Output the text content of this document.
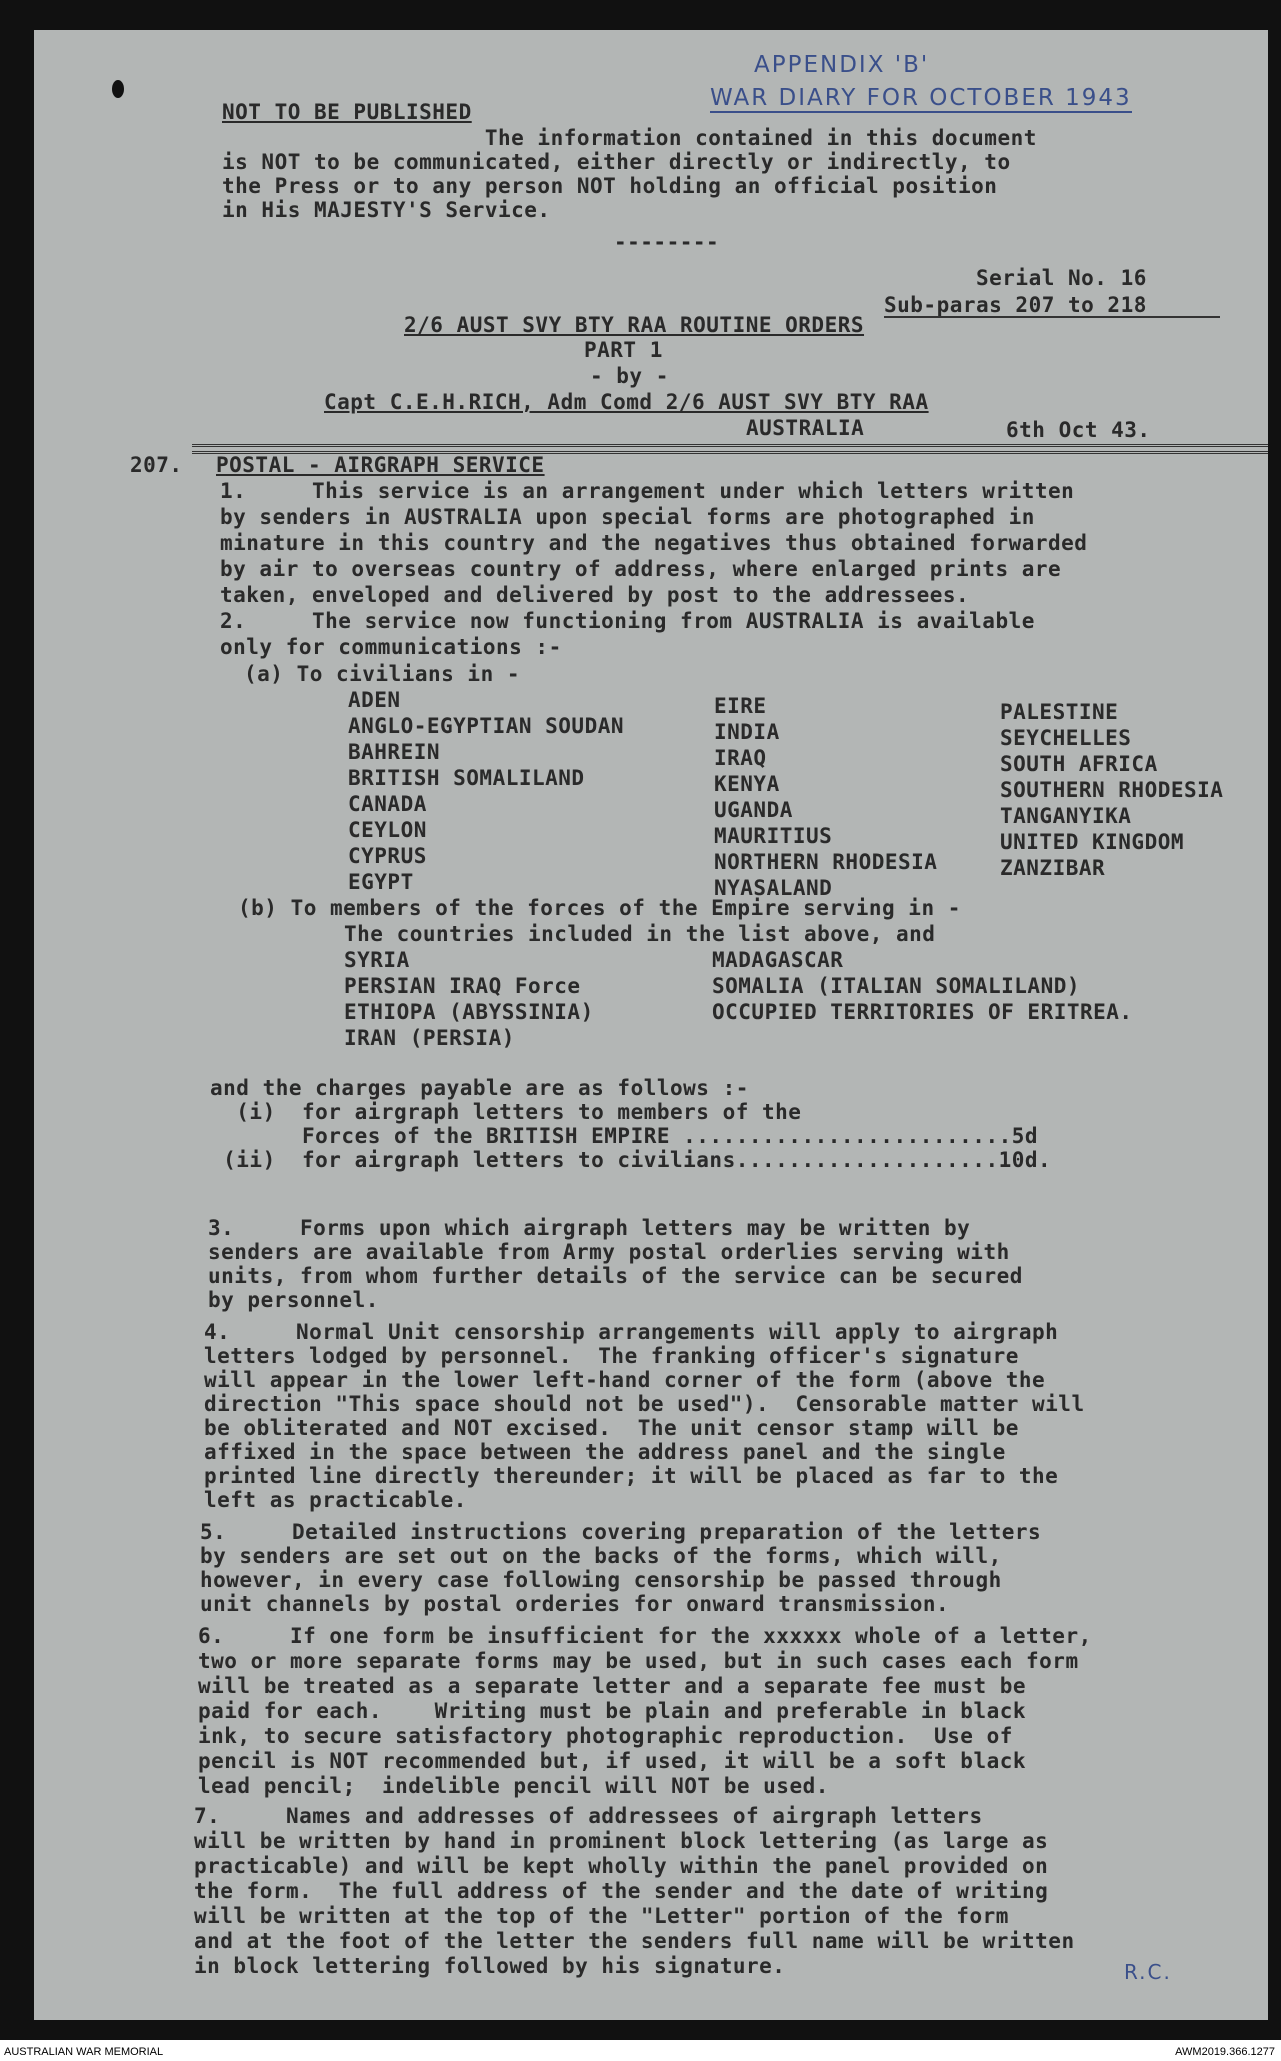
APPENDIX 'B'
WAR DIARY FOR OCTOBER 1943
NOT TO BE PUBLISHED
The information contained in this document
is NOT to be communicated, either directly or indirectly, to
the Press or to any person NOT holding an official position
in His MAJESTY'S Service.
--------
Serial No. 16
Sub-paras 207 to 218
2/6 AUST SVY BTY RAA ROUTINE ORDERS
PART 1
- by -
Capt C.E.H.RICH, Adm Comd 2/6 AUST SVY BTY RAA
AUSTRALIA	6th Oct 43.
207. POSTAL - AIRGRAPH SERVICE
1.     This service is an arrangement under which letters written
by senders in AUSTRALIA upon special forms are photographed in
minature in this country and the negatives thus obtained forwarded
by air to overseas country of address, where enlarged prints are
taken, enveloped and delivered by post to the addressees.
2.     The service now functioning from AUSTRALIA is available
only for communications :-
(a) To civilians in -
ADEN
ANGLO-EGYPTIAN SOUDAN
BAHREIN
BRITISH SOMALILAND
CANADA
CEYLON
CYPRUS
EGYPT
EIRE
INDIA
IRAQ
KENYA
UGANDA
MAURITIUS
NORTHERN RHODESIA
NYASALAND
PALESTINE
SEYCHELLES
SOUTH AFRICA
SOUTHERN RHODESIA
TANGANYIKA
UNITED KINGDOM
ZANZIBAR
(b) To members of the forces of the Empire serving in -
The countries included in the list above, and
SYRIA
PERSIAN IRAQ Force
ETHIOPA (ABYSSINIA)
IRAN (PERSIA)
MADAGASCAR
SOMALIA (ITALIAN SOMALILAND)
OCCUPIED TERRITORIES OF ERITREA.
and the charges payable are as follows :-
(i)  for airgraph letters to members of the
Forces of the BRITISH EMPIRE .........................5d
(ii)  for airgraph letters to civilians....................10d.
3.     Forms upon which airgraph letters may be written by
senders are available from Army postal orderlies serving with
units, from whom further details of the service can be secured
by personnel.
4.     Normal Unit censorship arrangements will apply to airgraph
letters lodged by personnel.  The franking officer's signature
will appear in the lower left-hand corner of the form (above the
direction "This space should not be used").  Censorable matter will
be obliterated and NOT excised.  The unit censor stamp will be
affixed in the space between the address panel and the single
printed line directly thereunder; it will be placed as far to the
left as practicable.
5.     Detailed instructions covering preparation of the letters
by senders are set out on the backs of the forms, which will,
however, in every case following censorship be passed through
unit channels by postal orderies for onward transmission.
6.     If one form be insufficient for the xxxxxx whole of a letter,
two or more separate forms may be used, but in such cases each form
will be treated as a separate letter and a separate fee must be
paid for each.    Writing must be plain and preferable in black
ink, to secure satisfactory photographic reproduction.  Use of
pencil is NOT recommended but, if used, it will be a soft black
lead pencil;  indelible pencil will NOT be used.
7.     Names and addresses of addressees of airgraph letters
will be written by hand in prominent block lettering (as large as
practicable) and will be kept wholly within the panel provided on
the form.  The full address of the sender and the date of writing
will be written at the top of the "Letter" portion of the form
and at the foot of the letter the senders full name will be written
in block lettering followed by his signature.	R.C.
AUSTRALIAN WAR MEMORIAL	AWM2019.366.1277
